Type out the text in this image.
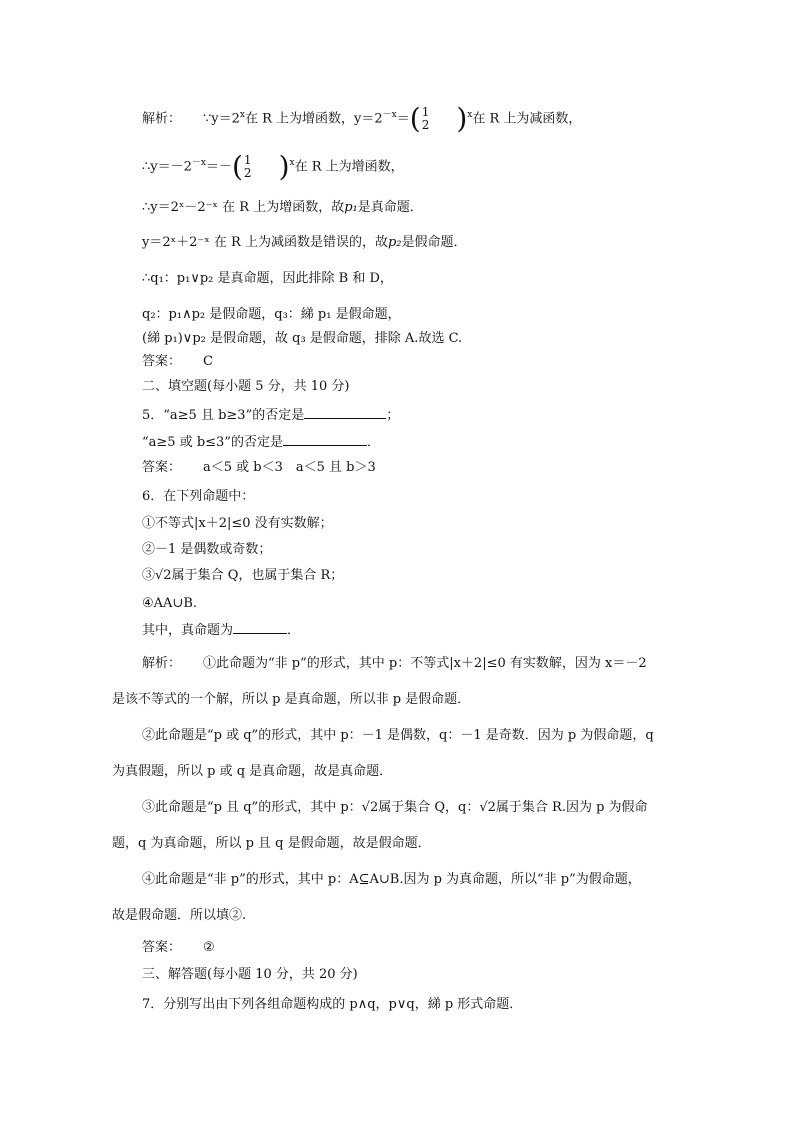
解析： $\because y=2^x$在 R 上为增函数，$y=2^{-x}=$( 1
2 )$^x$在 R 上为减函数，
$\therefore y=-2^{-x}=-$( 1
2 )$^x$在 R 上为增函数，
∴y＝2ˣ－2⁻ˣ 在 R 上为增函数，故p₁是真命题．
y＝2ˣ＋2⁻ˣ 在 R 上为减函数是错误的，故p₂是假命题．
∴q₁：p₁∨p₂ 是真命题，因此排除 B 和 D，
q₂：p₁∧p₂ 是假命题，q₃：綈 p₁ 是假命题，
(綈 p₁)∨p₂ 是假命题，故 q₃ 是假命题，排除 A.故选 C.
答案： C
二、填空题(每小题 5 分，共 10 分)
5．“a≥5 且 b≥3”的否定是	；
“a≥5 或 b≤3”的否定是	．
答案： a＜5 或 b＜3　a＜5 且 b＞3
6．在下列命题中：
①不等式|x＋2|≤0 没有实数解；
②－1 是偶数或奇数；
③√2属于集合 Q，也属于集合 R；
④AA∪B.
其中，真命题为	．
解析： ①此命题为“非 p”的形式，其中 p：不等式|x＋2|≤0 有实数解，因为 x＝－2
是该不等式的一个解，所以 p 是真命题，所以非 p 是假命题．
②此命题是“p 或 q”的形式，其中 p：－1 是偶数，q：－1 是奇数．因为 p 为假命题，q
为真假题，所以 p 或 q 是真命题，故是真命题．
③此命题是“p 且 q”的形式，其中 p：√2属于集合 Q，q：√2属于集合 R.因为 p 为假命
题，q 为真命题，所以 p 且 q 是假命题，故是假命题．
④此命题是“非 p”的形式，其中 p：A⊆A∪B.因为 p 为真命题，所以“非 p”为假命题，
故是假命题．所以填②.
答案： ②
三、解答题(每小题 10 分，共 20 分)
7．分别写出由下列各组命题构成的 p∧q，p∨q，綈 p 形式命题．
